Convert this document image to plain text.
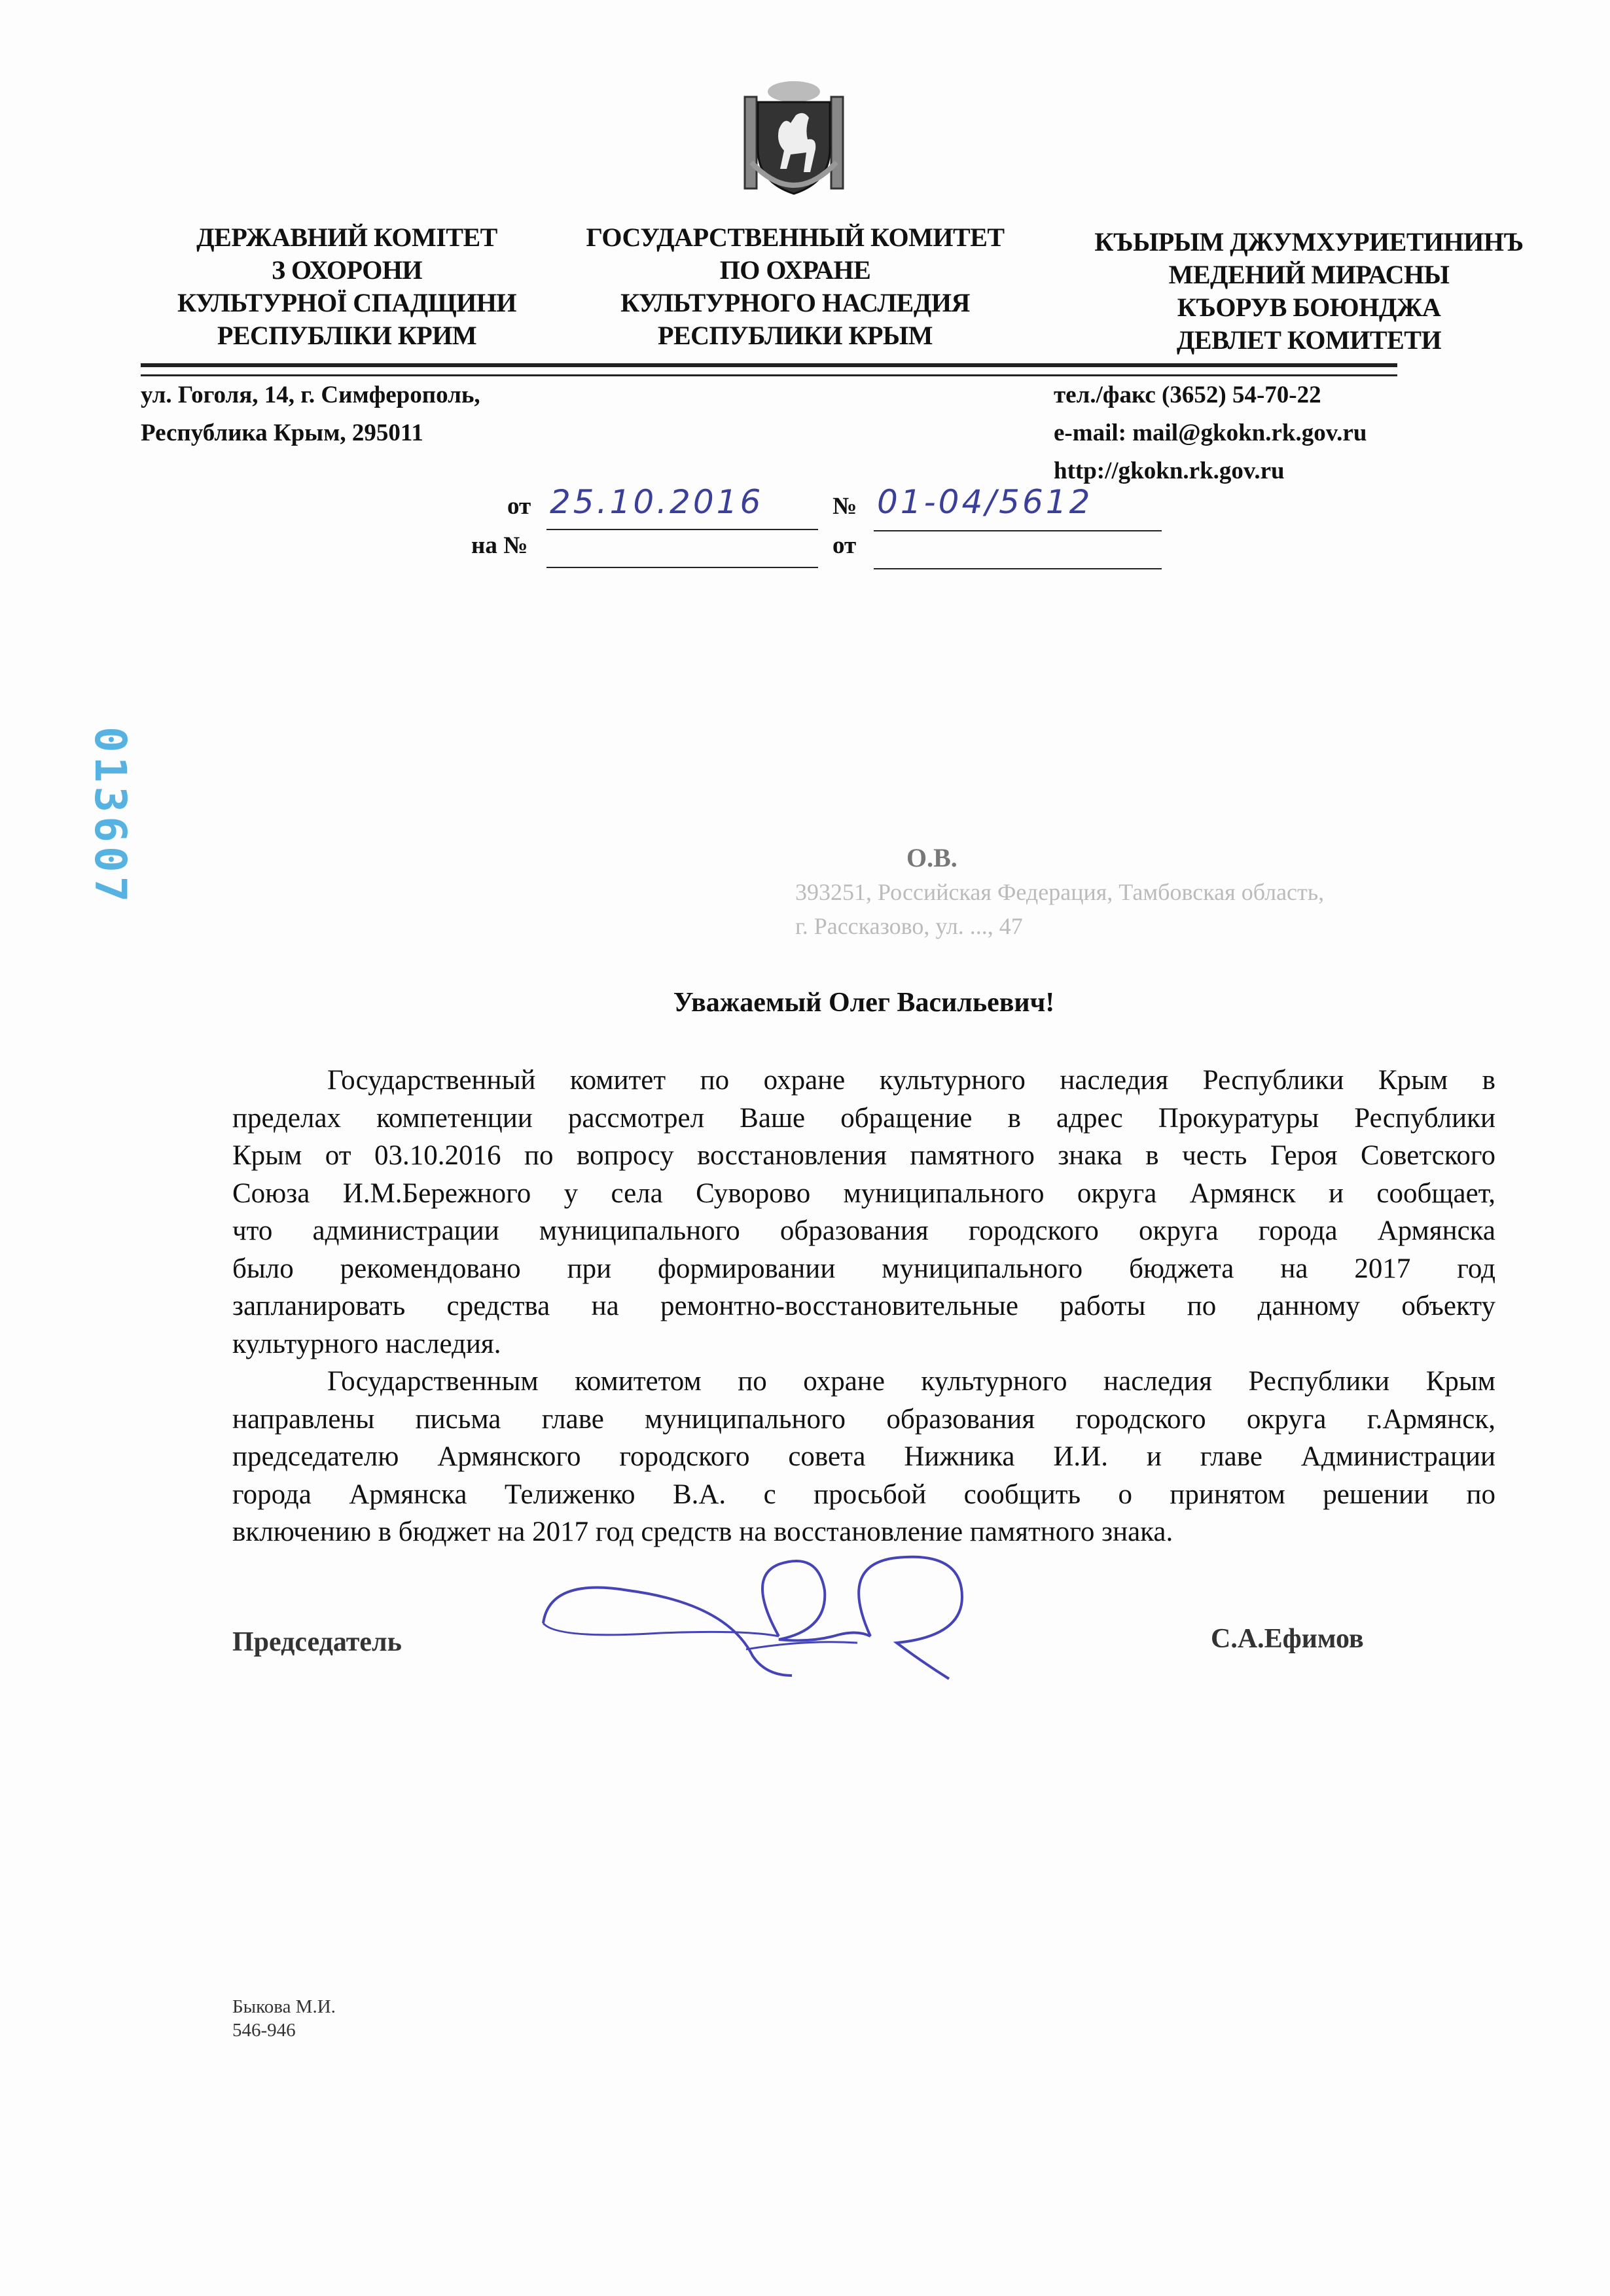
ДЕРЖАВНИЙ КОМІТЕТ
З ОХОРОНИ
КУЛЬТУРНОЇ СПАДЩИНИ
РЕСПУБЛІКИ КРИМ
ГОСУДАРСТВЕННЫЙ КОМИТЕТ
ПО ОХРАНЕ
КУЛЬТУРНОГО НАСЛЕДИЯ
РЕСПУБЛИКИ КРЫМ
КЪЫРЫМ ДЖУМХУРИЕТИНИНЪ
МЕДЕНИЙ МИРАСНЫ
КЪОРУВ БОЮНДЖА
ДЕВЛЕТ КОМИТЕТИ
ул. Гоголя, 14, г. Симферополь,
Республика Крым, 295011
тел./факс (3652) 54-70-22
e-mail: mail@gkokn.rk.gov.ru
http://gkokn.rk.gov.ru
от 25.10.2016	№ 01-04/5612
на №	от
013607	О.В.
393251, Российская Федерация, Тамбовская область,
г. Рассказово, ул. ..., 47
Уважаемый Олег Васильевич!
Государственный комитет по охране культурного наследия Республики Крым в
пределах компетенции рассмотрел Ваше обращение в адрес Прокуратуры Республики
Крым от 03.10.2016 по вопросу восстановления памятного знака в честь Героя Советского
Союза И.М.Бережного у села Суворово муниципального округа Армянск и сообщает,
что администрации муниципального образования городского округа города Армянска
было рекомендовано при формировании муниципального бюджета на 2017 год
запланировать средства на ремонтно-восстановительные работы по данному объекту
культурного наследия.
Государственным комитетом по охране культурного наследия Республики Крым
направлены письма главе муниципального образования городского округа г.Армянск,
председателю Армянского городского совета Нижника И.И. и главе Администрации
города Армянска Телиженко В.А. с просьбой сообщить о принятом решении по
включению в бюджет на 2017 год средств на восстановление памятного знака.
Председатель	С.А.Ефимов
Быкова М.И.
546-946
